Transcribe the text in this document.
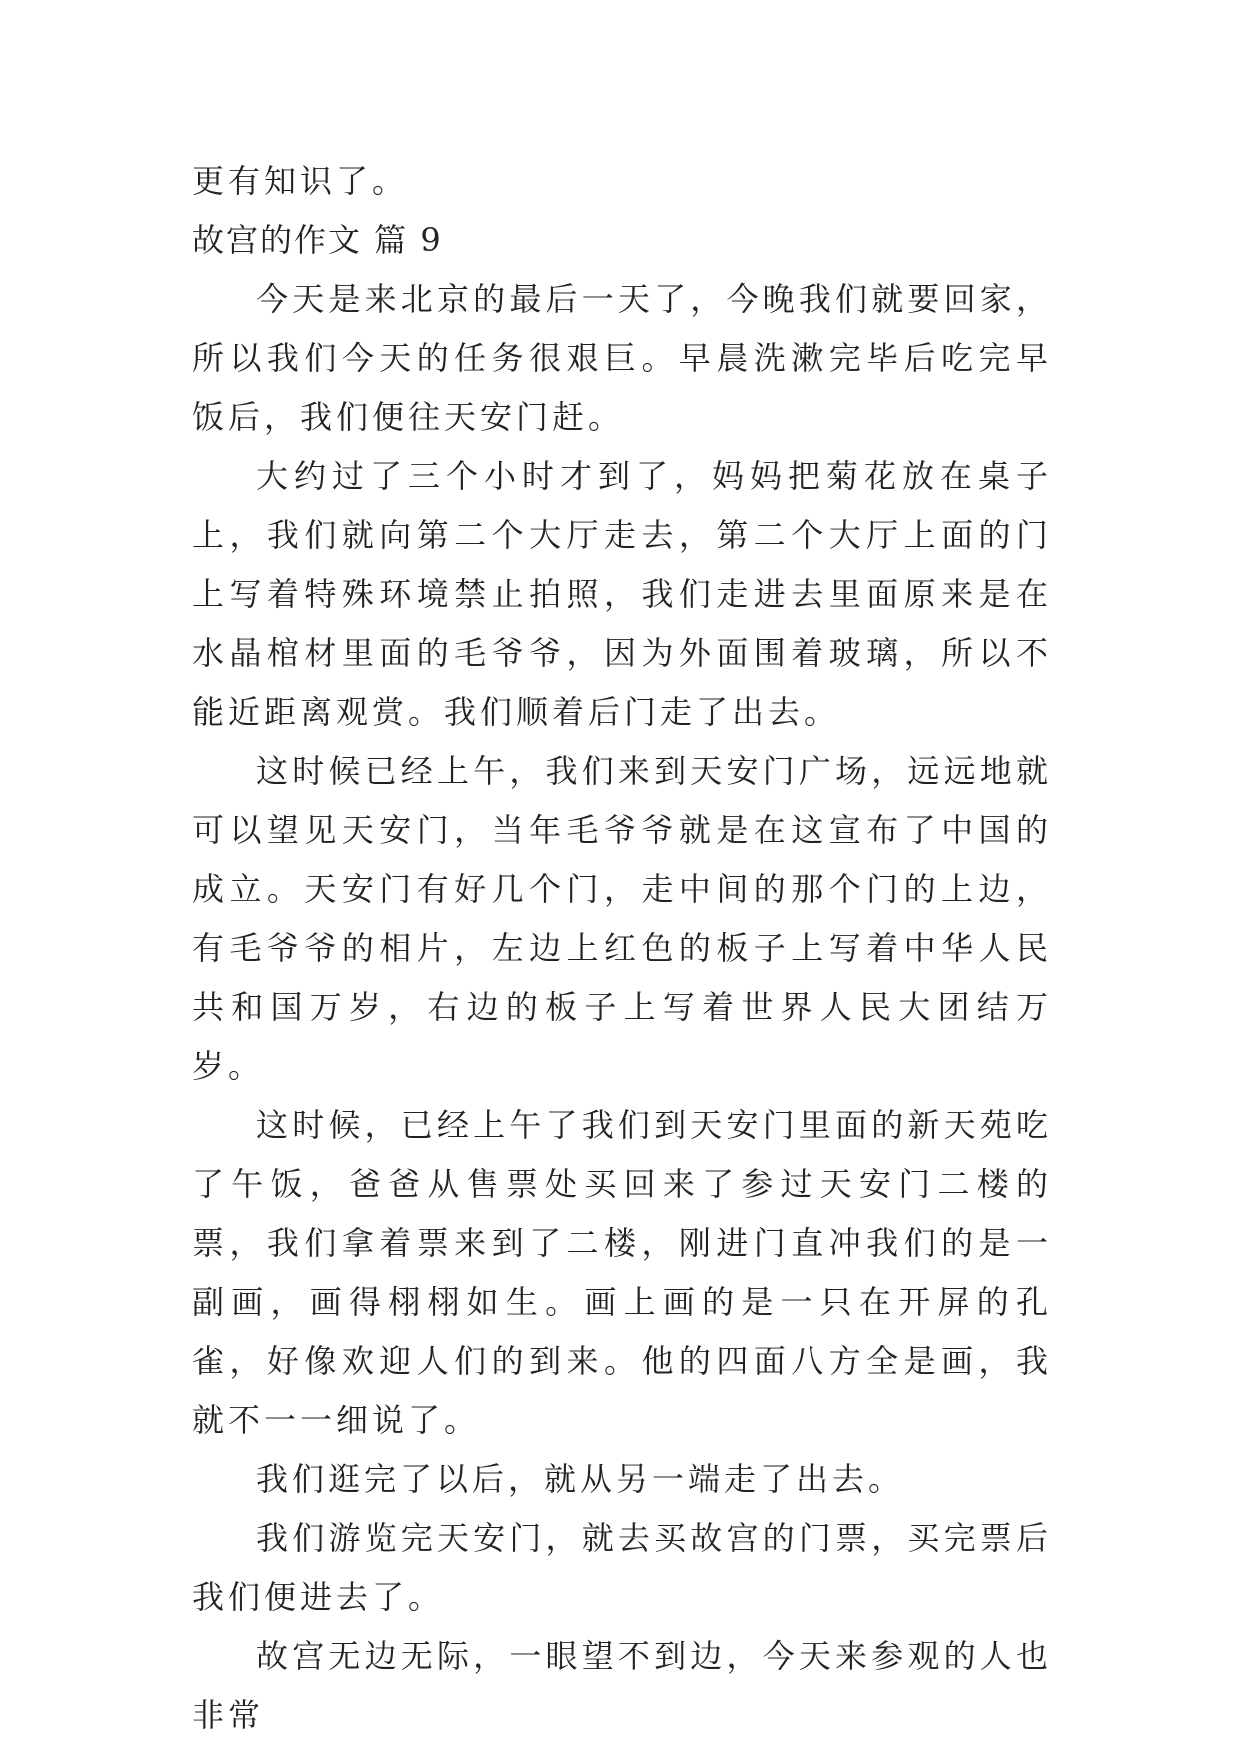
更有知识了。

故宫的作文 篇 9

今天是来北京的最后一天了，今晚我们就要回家，所以我们今天的任务很艰巨。早晨洗漱完毕后吃完早饭后，我们便往天安门赶。

大约过了三个小时才到了，妈妈把菊花放在桌子上，我们就向第二个大厅走去，第二个大厅上面的门上写着特殊环境禁止拍照，我们走进去里面原来是在水晶棺材里面的毛爷爷，因为外面围着玻璃，所以不能近距离观赏。我们顺着后门走了出去。

这时候已经上午，我们来到天安门广场，远远地就可以望见天安门，当年毛爷爷就是在这宣布了中国的成立。天安门有好几个门，走中间的那个门的上边，有毛爷爷的相片，左边上红色的板子上写着中华人民共和国万岁，右边的板子上写着世界人民大团结万岁。

这时候，已经上午了我们到天安门里面的新天苑吃了午饭，爸爸从售票处买回来了参过天安门二楼的票，我们拿着票来到了二楼，刚进门直冲我们的是一副画，画得栩栩如生。画上画的是一只在开屏的孔雀，好像欢迎人们的到来。他的四面八方全是画，我就不一一细说了。

我们逛完了以后，就从另一端走了出去。

我们游览完天安门，就去买故宫的门票，买完票后我们便进去了。

故宫无边无际，一眼望不到边，今天来参观的人也非常
